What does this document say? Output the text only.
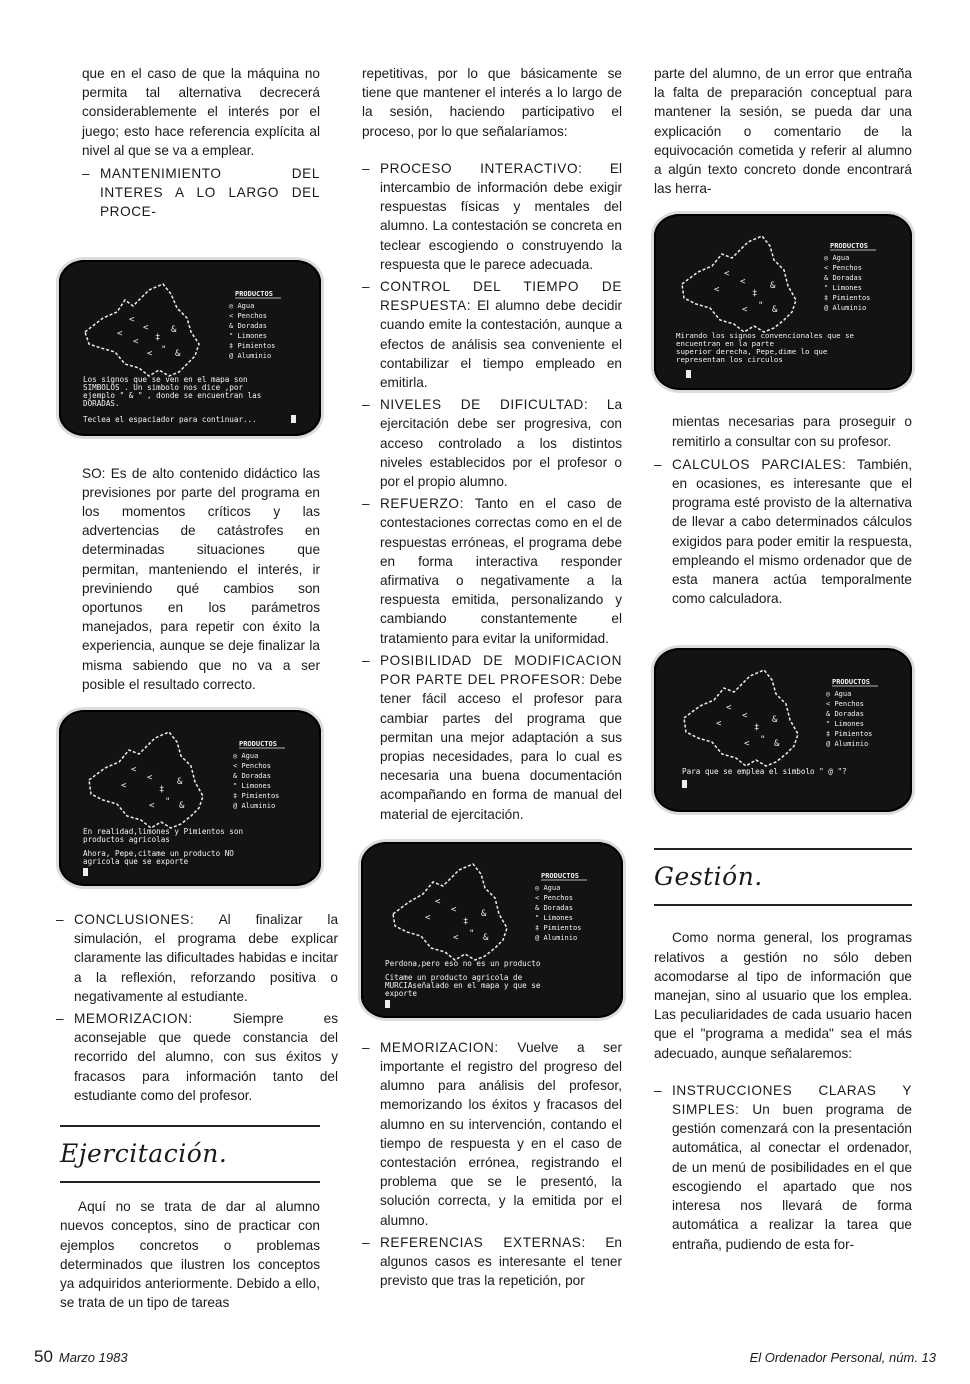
que en el caso de que la máquina no permita tal alternativa decrecerá considerablemente el interés por el juego; esto hace referencia explícita al nivel al que se va a emplear.

– MANTENIMIENTO DEL INTERES A LO LARGO DEL PROCE-
<
<
<	‡
"
<
&
<
&
PRODUCTOS
◎ Agua
< Penchos
& Doradas
" Limones
‡ Pimientos
@ Aluminio
Los signos que se ven en el mapa son
SIMBOLOS . Un simbolo nos dice ,por
ejemplo " & " , donde se encuentran las
DORADAS.
Teclea el espaciador para continuar...

SO: Es de alto contenido didáctico las previsiones por parte del programa en los momentos críticos y las advertencias de catástrofes en determinadas situaciones que permitan, manteniendo el interés, ir previniendo qué cambios son oportunos en los parámetros manejados, para repetir con éxito la experiencia, aunque se deje finalizar la misma sabiendo que no va a ser posible el resultado correcto.

<
<
<	‡
"
<
&
&
PRODUCTOS
◎ Agua
< Penchos
& Doradas
" Limones
‡ Pimientos
@ Aluminio
En realidad,limones y Pimientos son
productos agricolas
Ahora, Pepe,citame un producto NO
agricola que se exporte
– CONCLUSIONES: Al finalizar la simulación, el programa debe explicar claramente las dificultades habidas e incitar a la reflexión, reforzando positiva o negativamente al estudiante.
– MEMORIZACION:	Siempre es aconsejable que quede constancia del recorrido del alumno, con sus éxitos y fracasos para información tanto del estudiante como del profesor.
Ejercitación.

Aquí no se trata de dar al alumno nuevos conceptos, sino de practicar con ejemplos concretos o problemas determinados que ilustren los conceptos ya adquiridos anteriormente. Debido a ello, se trata de un tipo de tareas

repetitivas, por lo que básicamente se tiene que mantener el interés a lo largo de la sesión, haciendo participativo el proceso, por lo que señalaríamos:

– PROCESO INTERACTIVO: El intercambio de información debe exigir respuestas físicas y mentales del alumno. La contestación se concreta en teclear escogiendo o construyendo la respuesta que le parece adecuada.
– CONTROL DEL TIEMPO DE RESPUESTA: El alumno debe decidir cuando emite la contestación, aunque a efectos de análisis sea conveniente el contabilizar el tiempo empleado en emitirla.
– NIVELES DE DIFICULTAD: La ejercitación debe ser progresiva, con acceso controlado a los distintos niveles establecidos por el profesor o por el propio alumno.
– REFUERZO: Tanto en el caso de contestaciones correctas como en el de respuestas erróneas, el programa debe en forma interactiva responder afirmativa o negativamente a la respuesta emitida, personalizando y cambiando constantemente el tratamiento para evitar la uniformidad.
– POSIBILIDAD DE MODIFICACION POR PARTE DEL PROFESOR: Debe tener fácil acceso el profesor para cambiar partes del programa que permitan una mejor adaptación a sus propias necesidades, para lo cual es necesaria una buena documentación acompañando en forma de manual del material de ejercitación.
<
<
<	‡
"
<
&
&
PRODUCTOS
◎ Agua
< Penchos
& Doradas
" Limones
‡ Pimientos
@ Aluminio
Perdona,pero eso no es un producto
Citame un producto agricola de
MURCIAseñalado en el mapa y que se
exporte
– MEMORIZACION: Vuelve a ser importante el registro del progreso del alumno para análisis del profesor, memorizando los éxitos y fracasos del alumno en su intervención, contando el tiempo de respuesta y en el caso de contestación errónea, registrando el problema que se le presentó, la solución correcta, y la emitida por el alumno.
– REFERENCIAS EXTERNAS: En algunos casos es interesante el tener previsto que tras la repetición, por

parte del alumno, de un error que entraña la falta de preparación conceptual para mantener la sesión, se pueda dar una explicación o comentario de la equivocación cometida y referir al alumno a algún texto concreto donde encontrará las herra-

<
<
<	‡
"
<
&
&
PRODUCTOS
◎ Agua
< Penchos
& Doradas
" Limones
‡ Pimientos
@ Aluminio
Mirando los signos convencionales que se
encuentran en la parte
superior derecha, Pepe,dime lo que
representan los circulos

mientas necesarias para proseguir o remitirlo a consultar con su profesor.

– CALCULOS PARCIALES: También, en ocasiones, es interesante que el programa esté provisto de la alternativa de llevar a cabo determinados cálculos exigidos para poder emitir la respuesta, empleando el mismo ordenador que de esta manera actúa temporalmente como calculadora.
<
<
<	‡
"
<
&
&
PRODUCTOS
◎ Agua
< Penchos
& Doradas
" Limones
‡ Pimientos
@ Aluminio
Para que se emplea el simbolo " @ "?
Gestión.

Como norma general, los programas relativos a gestión no sólo deben acomodarse al tipo de información que manejan, sino al usuario que los emplea. Las peculiaridades de cada usuario hacen que el "programa a medida" sea el más adecuado, aunque señalaremos:

– INSTRUCCIONES CLARAS Y SIMPLES: Un buen programa de gestión comenzará con la presentación automática, al conectar el ordenador, de un menú de posibilidades en el que escogiendo el apartado que nos interesa nos llevará de forma automática a realizar la tarea que entraña, pudiendo de esta for-
50 Marzo 1983	El Ordenador Personal, núm. 13
